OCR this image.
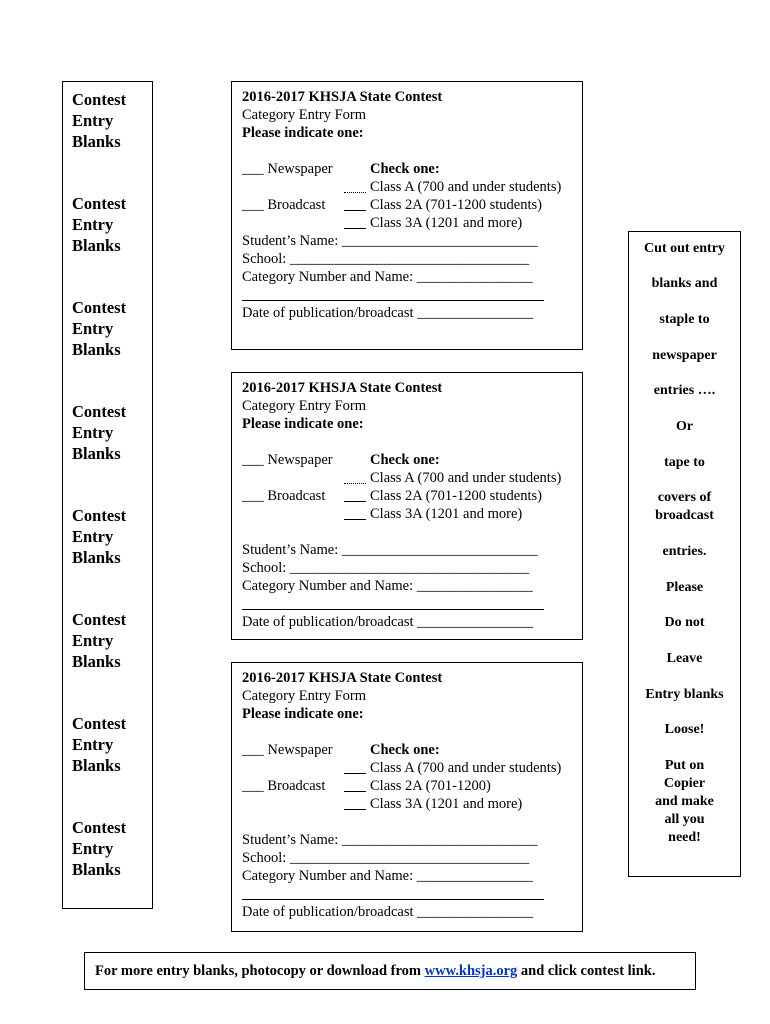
Contest
Entry
Blanks
Contest
Entry
Blanks
Contest
Entry
Blanks
Contest
Entry
Blanks
Contest
Entry
Blanks
Contest
Entry
Blanks
Contest
Entry
Blanks
Contest
Entry
Blanks
2016-2017 KHSJA State Contest
Category Entry Form
Please indicate one:
___ Newspaper	Check one:
Class A (700 and under students)
___ Broadcast	Class 2A (701-1200 students)
Class 3A (1201 and more)
Student’s Name: ___________________________
School: _________________________________
Category Number and Name: ________________
Date of publication/broadcast ________________
2016-2017 KHSJA State Contest
Category Entry Form
Please indicate one:
___ Newspaper	Check one:
Class A (700 and under students)
___ Broadcast	Class 2A (701-1200 students)
Class 3A (1201 and more)
Student’s Name: ___________________________
School: _________________________________
Category Number and Name: ________________
Date of publication/broadcast ________________
2016-2017 KHSJA State Contest
Category Entry Form
Please indicate one:
___ Newspaper	Check one:
Class A (700 and under students)
___ Broadcast	Class 2A (701-1200)
Class 3A (1201 and more)
Student’s Name: ___________________________
School: _________________________________
Category Number and Name: ________________
Date of publication/broadcast ________________
Cut out entry
blanks and
staple to
newspaper
entries ….
Or
tape to
covers of
broadcast
entries.
Please
Do not
Leave
Entry blanks
Loose!
Put on
Copier
and make
all you
need!
For more entry blanks, photocopy or download from www.khsja.org and click contest link.
